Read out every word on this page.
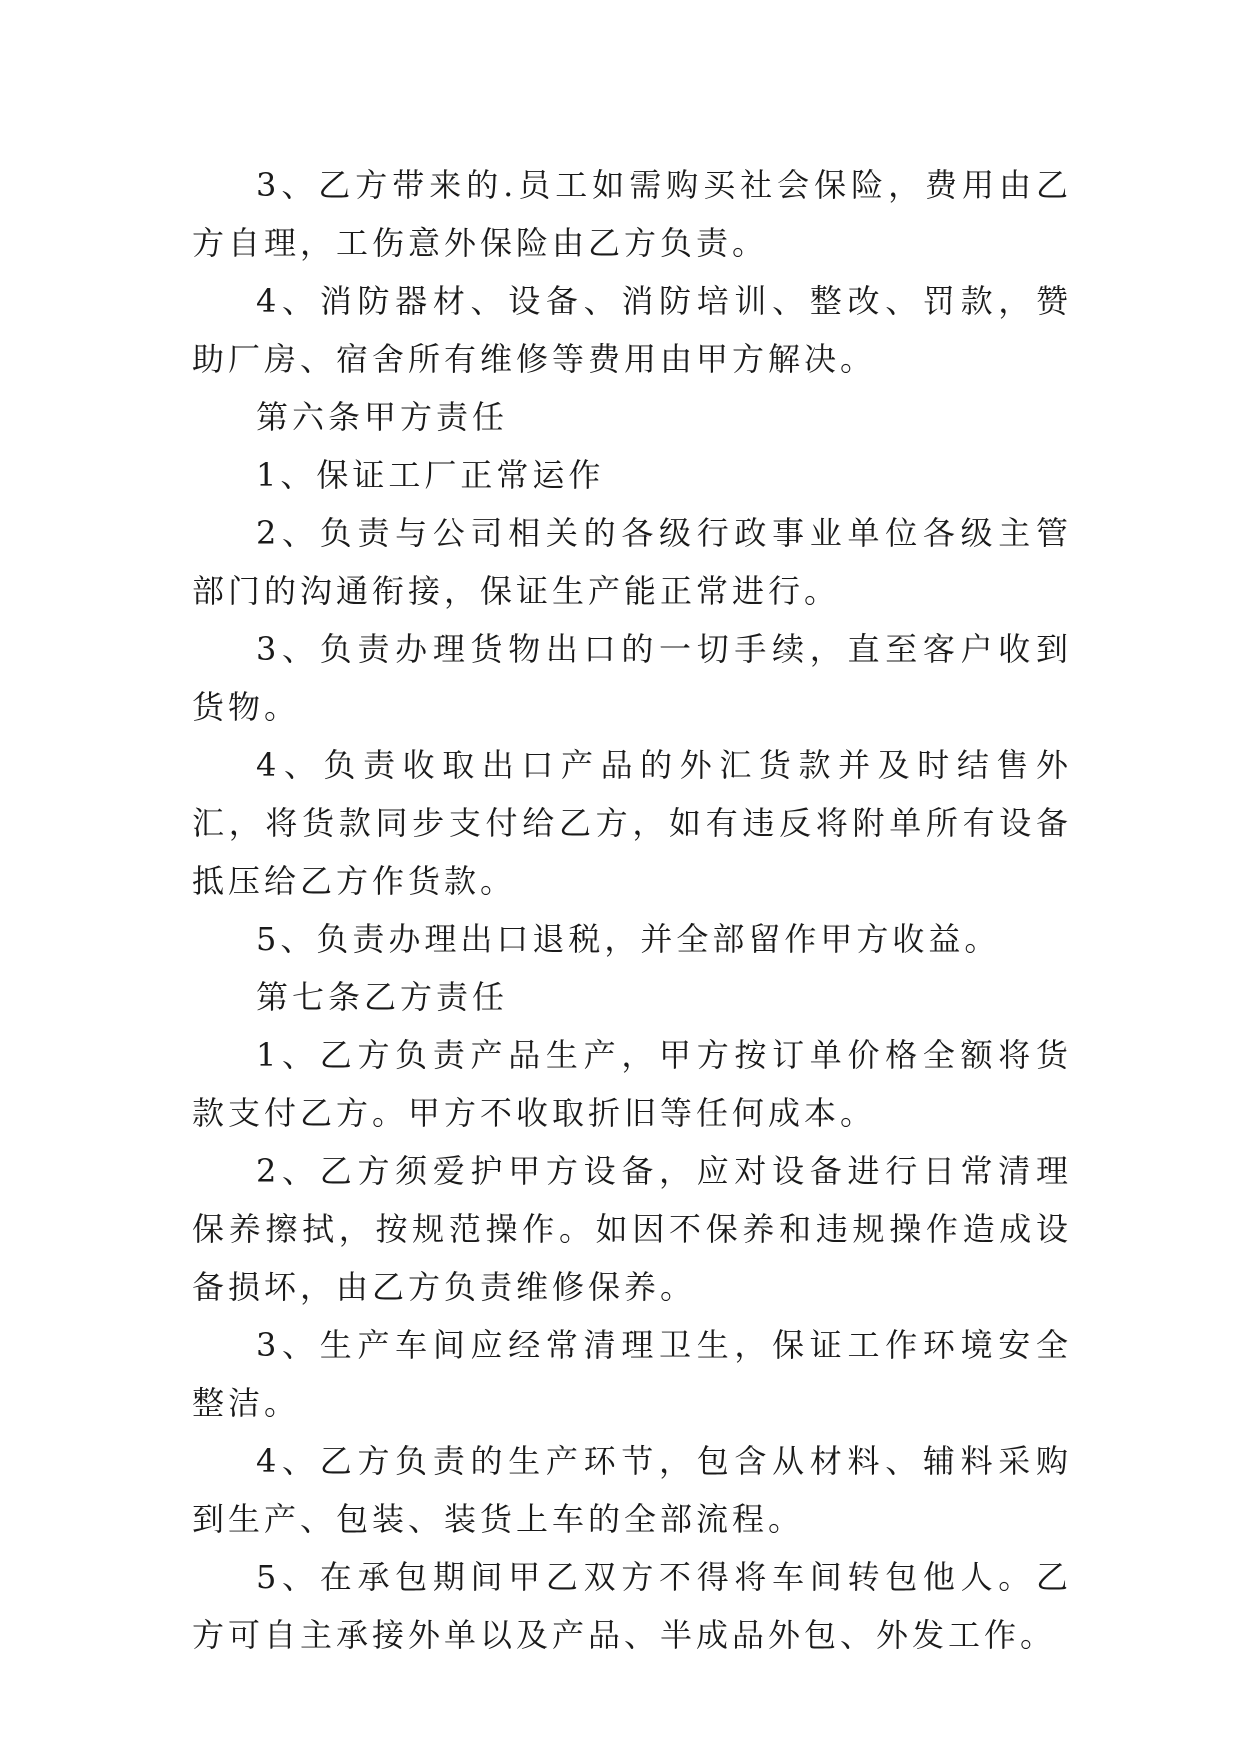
3、乙方带来的.员工如需购买社会保险，费用由乙方自理，工伤意外保险由乙方负责。

4、消防器材、设备、消防培训、整改、罚款，赞助厂房、宿舍所有维修等费用由甲方解决。

第六条甲方责任

1、保证工厂正常运作

2、负责与公司相关的各级行政事业单位各级主管部门的沟通衔接，保证生产能正常进行。

3、负责办理货物出口的一切手续，直至客户收到货物。

4、负责收取出口产品的外汇货款并及时结售外汇，将货款同步支付给乙方，如有违反将附单所有设备抵压给乙方作货款。

5、负责办理出口退税，并全部留作甲方收益。

第七条乙方责任

1、乙方负责产品生产，甲方按订单价格全额将货款支付乙方。甲方不收取折旧等任何成本。

2、乙方须爱护甲方设备，应对设备进行日常清理保养擦拭，按规范操作。如因不保养和违规操作造成设备损坏，由乙方负责维修保养。

3、生产车间应经常清理卫生，保证工作环境安全整洁。

4、乙方负责的生产环节，包含从材料、辅料采购到生产、包装、装货上车的全部流程。

5、在承包期间甲乙双方不得将车间转包他人。乙方可自主承接外单以及产品、半成品外包、外发工作。
